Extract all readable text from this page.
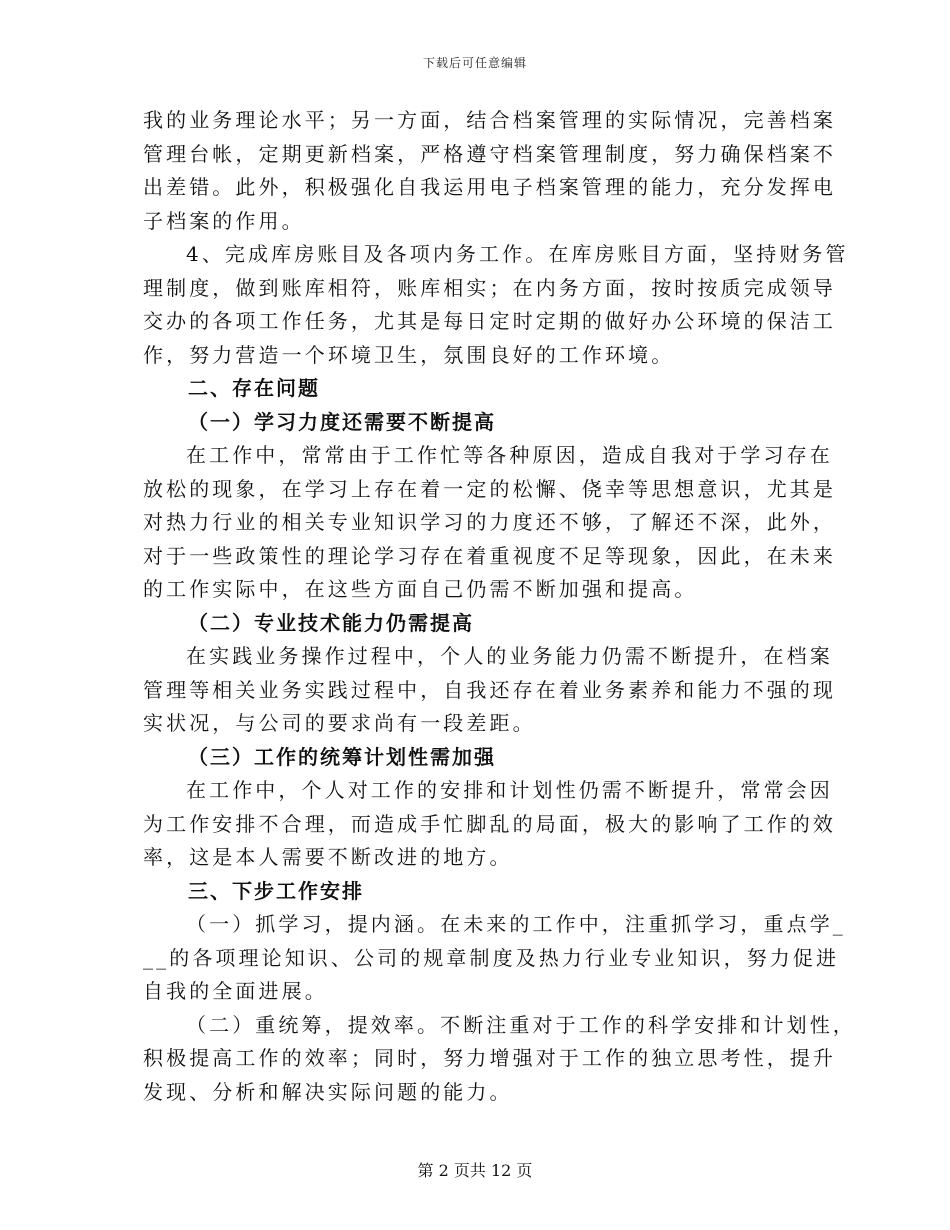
下载后可任意编辑
我的业务理论水平；另一方面，结合档案管理的实际情况，完善档案
管理台帐，定期更新档案，严格遵守档案管理制度，努力确保档案不
出差错。此外，积极强化自我运用电子档案管理的能力，充分发挥电
子档案的作用。
4、完成库房账目及各项内务工作。在库房账目方面，坚持财务管
理制度，做到账库相符，账库相实；在内务方面，按时按质完成领导
交办的各项工作任务，尤其是每日定时定期的做好办公环境的保洁工
作，努力营造一个环境卫生，氛围良好的工作环境。
二、存在问题
（一）学习力度还需要不断提高
在工作中，常常由于工作忙等各种原因，造成自我对于学习存在
放松的现象，在学习上存在着一定的松懈、侥幸等思想意识，尤其是
对热力行业的相关专业知识学习的力度还不够，了解还不深，此外，
对于一些政策性的理论学习存在着重视度不足等现象，因此，在未来
的工作实际中，在这些方面自己仍需不断加强和提高。
（二）专业技术能力仍需提高
在实践业务操作过程中，个人的业务能力仍需不断提升，在档案
管理等相关业务实践过程中，自我还存在着业务素养和能力不强的现
实状况，与公司的要求尚有一段差距。
（三）工作的统筹计划性需加强
在工作中，个人对工作的安排和计划性仍需不断提升，常常会因
为工作安排不合理，而造成手忙脚乱的局面，极大的影响了工作的效
率，这是本人需要不断改进的地方。
三、下步工作安排
（一）抓学习，提内涵。在未来的工作中，注重抓学习，重点学_
__的各项理论知识、公司的规章制度及热力行业专业知识，努力促进
自我的全面进展。
（二）重统筹，提效率。不断注重对于工作的科学安排和计划性，
积极提高工作的效率；同时，努力增强对于工作的独立思考性，提升
发现、分析和解决实际问题的能力。
第 2 页共 12 页
